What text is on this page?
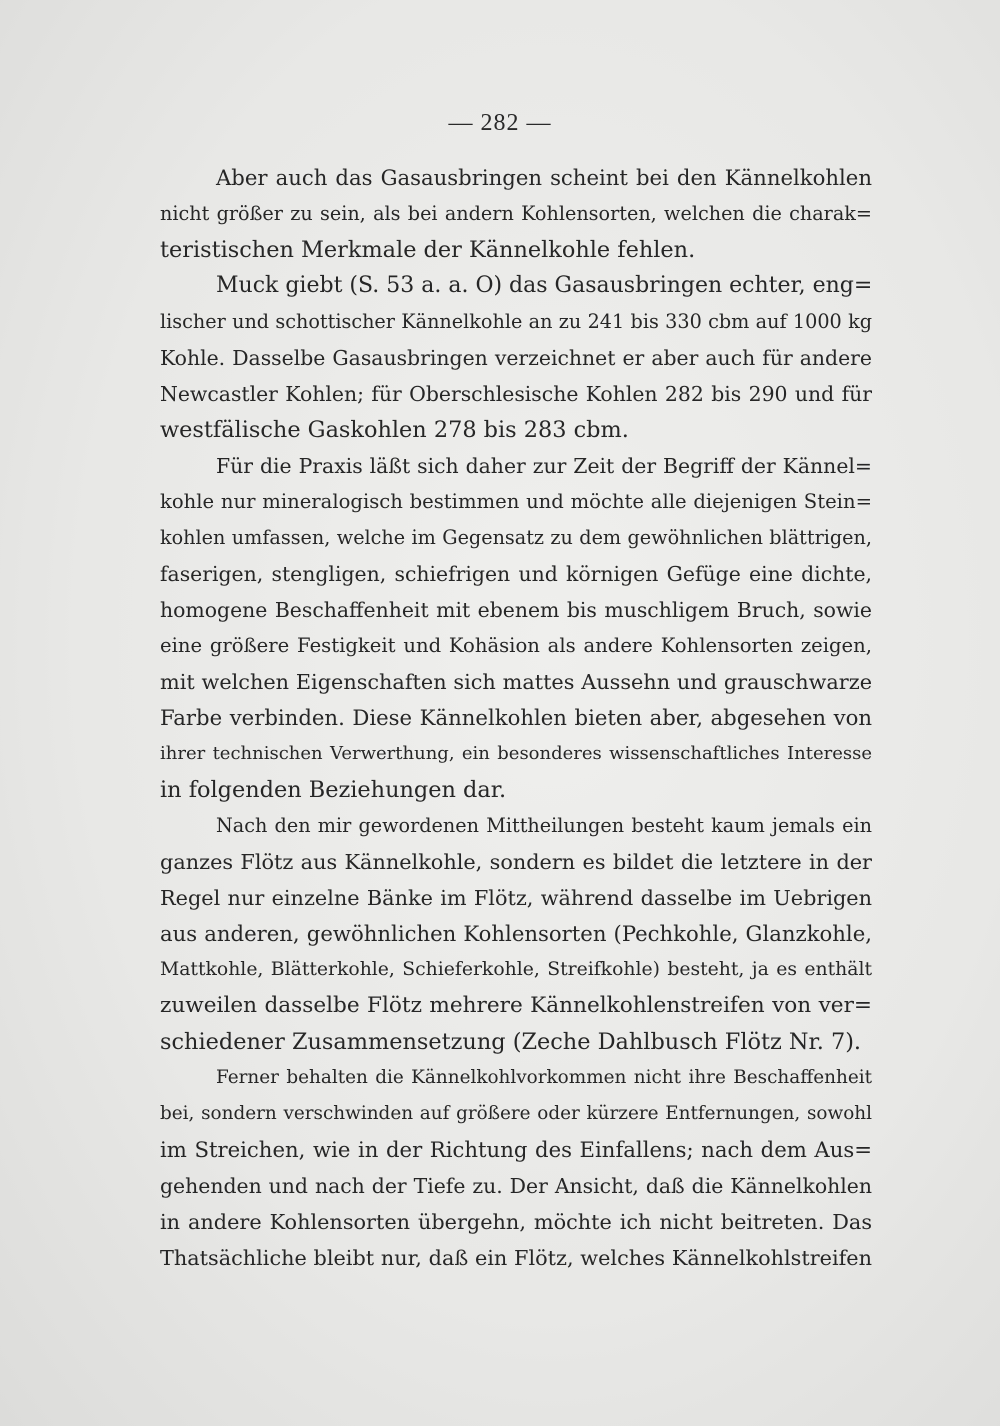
— 282 —
Aber auch das Gasausbringen scheint bei den Kännelkohlen
nicht größer zu sein, als bei andern Kohlensorten, welchen die charak=
teristischen Merkmale der Kännelkohle fehlen.
Muck giebt (S. 53 a. a. O) das Gasausbringen echter, eng=
lischer und schottischer Kännelkohle an zu 241 bis 330 cbm auf 1000 kg
Kohle. Dasselbe Gasausbringen verzeichnet er aber auch für andere
Newcastler Kohlen; für Oberschlesische Kohlen 282 bis 290 und für
westfälische Gaskohlen 278 bis 283 cbm.
Für die Praxis läßt sich daher zur Zeit der Begriff der Kännel=
kohle nur mineralogisch bestimmen und möchte alle diejenigen Stein=
kohlen umfassen, welche im Gegensatz zu dem gewöhnlichen blättrigen,
faserigen, stengligen, schiefrigen und körnigen Gefüge eine dichte,
homogene Beschaffenheit mit ebenem bis muschligem Bruch, sowie
eine größere Festigkeit und Kohäsion als andere Kohlensorten zeigen,
mit welchen Eigenschaften sich mattes Aussehn und grauschwarze
Farbe verbinden. Diese Kännelkohlen bieten aber, abgesehen von
ihrer technischen Verwerthung, ein besonderes wissenschaftliches Interesse
in folgenden Beziehungen dar.
Nach den mir gewordenen Mittheilungen besteht kaum jemals ein
ganzes Flötz aus Kännelkohle, sondern es bildet die letztere in der
Regel nur einzelne Bänke im Flötz, während dasselbe im Uebrigen
aus anderen, gewöhnlichen Kohlensorten (Pechkohle, Glanzkohle,
Mattkohle, Blätterkohle, Schieferkohle, Streifkohle) besteht, ja es enthält
zuweilen dasselbe Flötz mehrere Kännelkohlenstreifen von ver=
schiedener Zusammensetzung (Zeche Dahlbusch Flötz Nr. 7).
Ferner behalten die Kännelkohlvorkommen nicht ihre Beschaffenheit
bei, sondern verschwinden auf größere oder kürzere Entfernungen, sowohl
im Streichen, wie in der Richtung des Einfallens; nach dem Aus=
gehenden und nach der Tiefe zu. Der Ansicht, daß die Kännelkohlen
in andere Kohlensorten übergehn, möchte ich nicht beitreten. Das
Thatsächliche bleibt nur, daß ein Flötz, welches Kännelkohlstreifen
